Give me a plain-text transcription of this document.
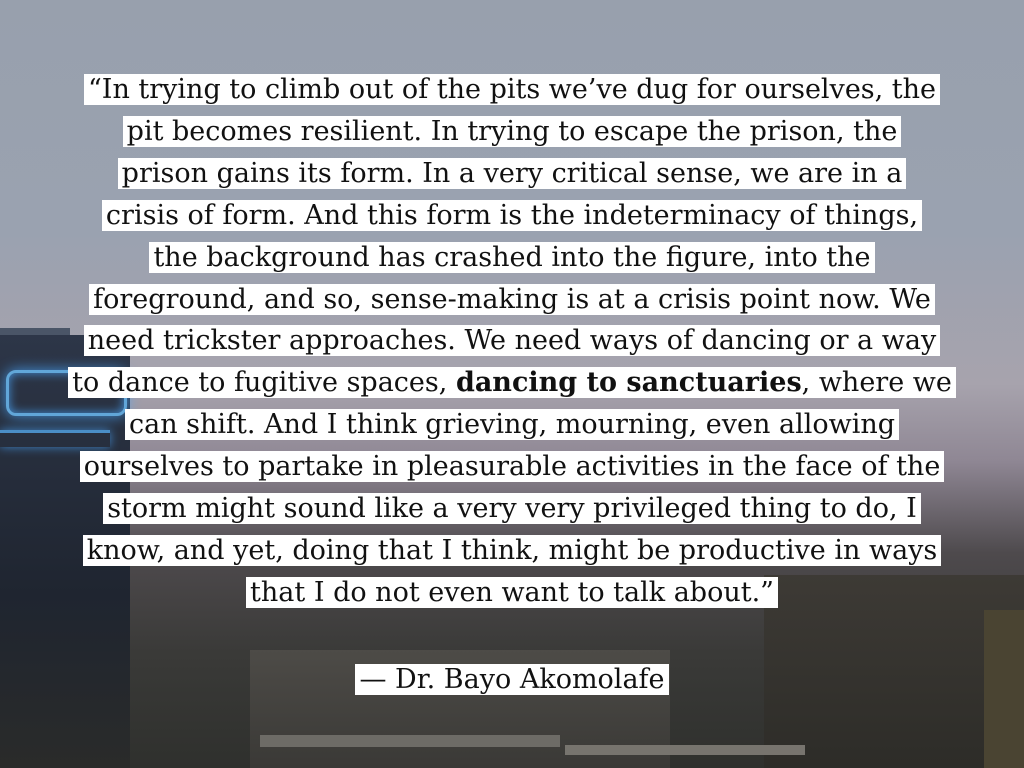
“In trying to climb out of the pits we’ve dug for ourselves, the
pit becomes resilient. In trying to escape the prison, the
prison gains its form. In a very critical sense, we are in a
crisis of form. And this form is the indeterminacy of things,
the background has crashed into the figure, into the
foreground, and so, sense-making is at a crisis point now. We
need trickster approaches. We need ways of dancing or a way
to dance to fugitive spaces, dancing to sanctuaries, where we
can shift. And I think grieving, mourning, even allowing
ourselves to partake in pleasurable activities in the face of the
storm might sound like a very very privileged thing to do, I
know, and yet, doing that I think, might be productive in ways
that I do not even want to talk about.”
— Dr. Bayo Akomolafe
